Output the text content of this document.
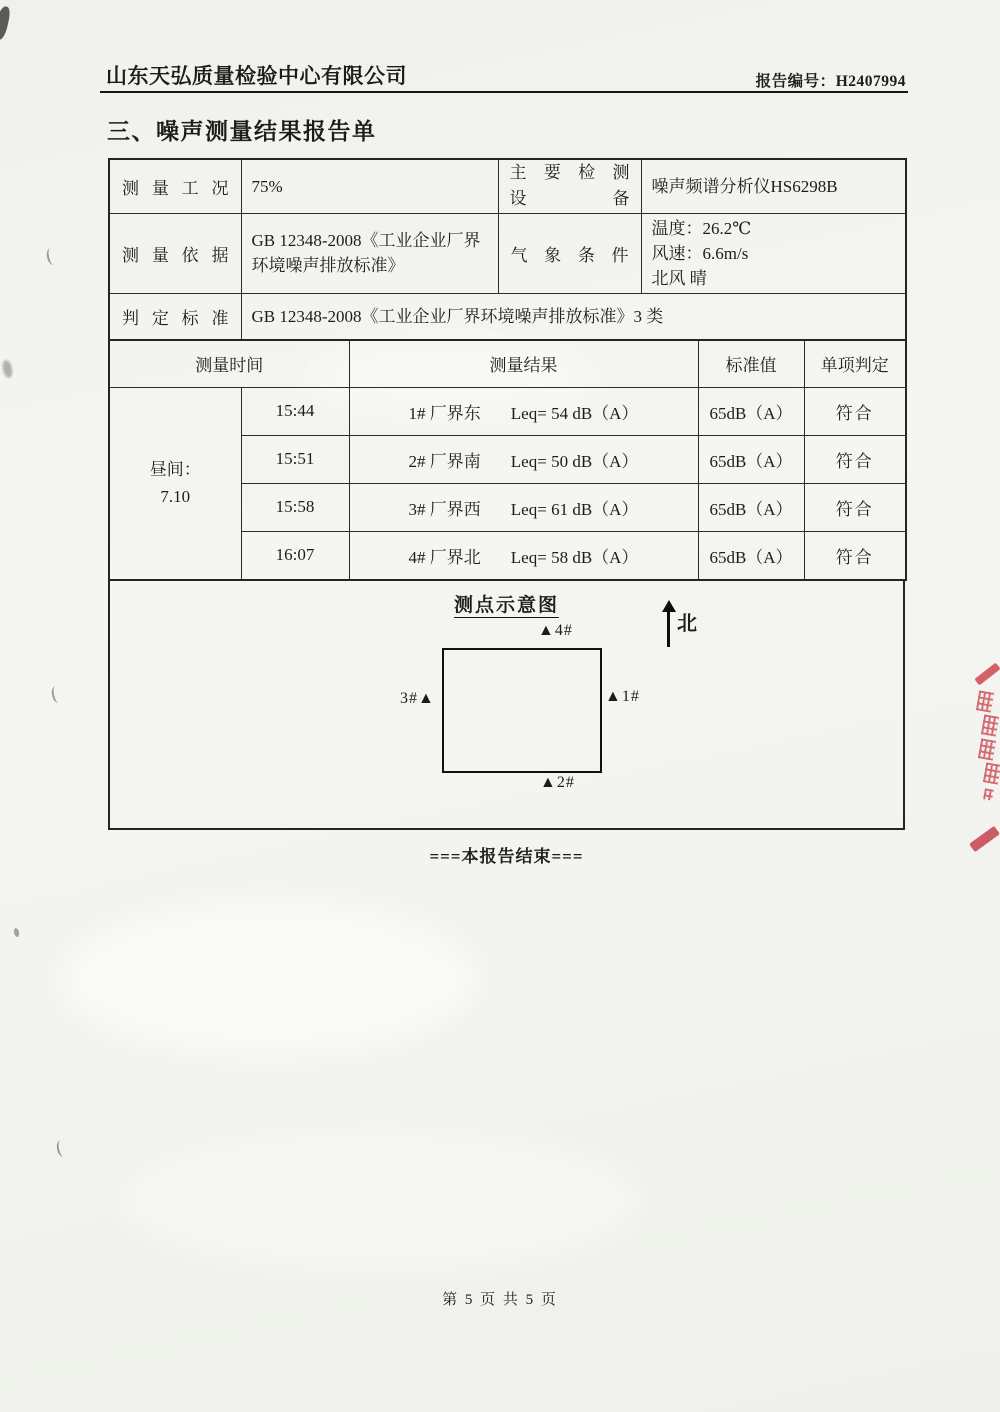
山东天弘质量检验中心有限公司	报告编号：H2407994
三、噪声测量结果报告单
测 量 工 况	75%	主 要 检 测
设 备	噪声频谱分析仪HS6298B
测 量 依 据	GB 12348-2008《工业企业厂界环境噪声排放标准》	气 象 条 件	温度：26.2℃
风速：6.6m/s
北风 晴

判 定 标 准	GB 12348-2008《工业企业厂界环境噪声排放标准》3 类		
测量时间		测量结果	标准值	单项判定

昼间：
7.10
	15:44	1# 厂界东 Leq= 54 dB（A）	65dB（A）	符合
	15:51	2# 厂界南 Leq= 50 dB（A）	65dB（A）	符合
	15:58	3# 厂界西 Leq= 61 dB（A）	65dB（A）	符合
	16:07	4# 厂界北 Leq= 58 dB（A）	65dB（A）	符合
测点示意图
北
▲4#
▲1#
3#▲
▲2#
===本报告结束===
第 5 页 共 5 页
